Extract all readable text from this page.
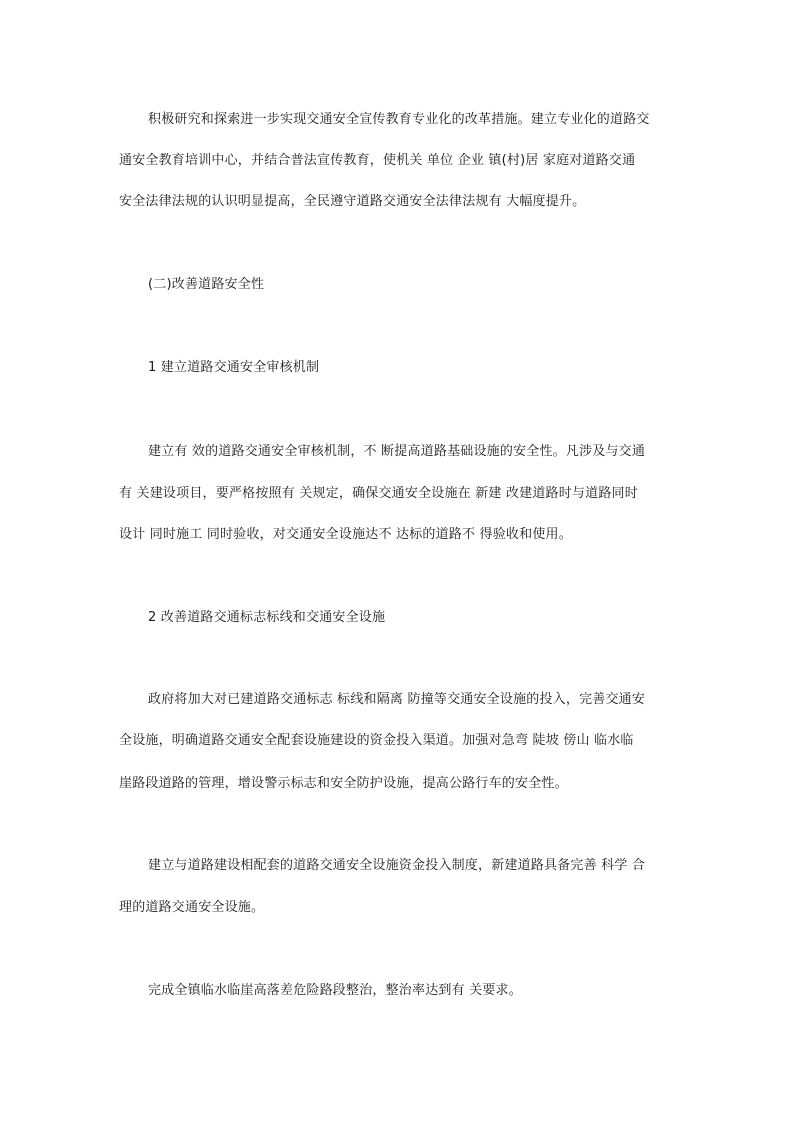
积极研究和探索进一步实现交通安全宣传教育专业化的改革措施。建立专业化的道路交
通安全教育培训中心，并结合普法宣传教育，使机关 单位 企业 镇(村)居 家庭对道路交通
安全法律法规的认识明显提高，全民遵守道路交通安全法律法规有 大幅度提升。
(二)改善道路安全性
1 建立道路交通安全审核机制
建立有 效的道路交通安全审核机制，不 断提高道路基础设施的安全性。凡涉及与交通
有 关建设项目，要严格按照有 关规定，确保交通安全设施在 新建 改建道路时与道路同时
设计 同时施工 同时验收，对交通安全设施达不 达标的道路不 得验收和使用。
2 改善道路交通标志标线和交通安全设施
政府将加大对已建道路交通标志 标线和隔离 防撞等交通安全设施的投入，完善交通安
全设施，明确道路交通安全配套设施建设的资金投入渠道。加强对急弯 陡坡 傍山 临水临
崖路段道路的管理，增设警示标志和安全防护设施，提高公路行车的安全性。
建立与道路建设相配套的道路交通安全设施资金投入制度，新建道路具备完善 科学 合
理的道路交通安全设施。
完成全镇临水临崖高落差危险路段整治，整治率达到有 关要求。
